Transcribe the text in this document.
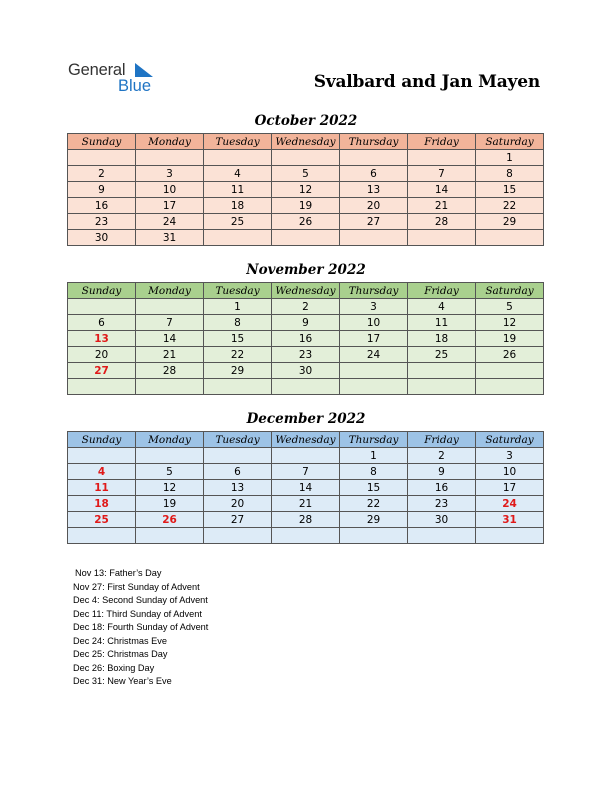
General
Blue	Svalbard and Jan Mayen
October 2022
Sunday	Monday	Tuesday	Wednesday	Thursday	Friday	Saturday
						1
2	3	4	5	6	7	8
9	10	11	12	13	14	15
16	17	18	19	20	21	22
23	24	25	26	27	28	29
30	31					
November 2022
Sunday	Monday	Tuesday	Wednesday	Thursday	Friday	Saturday
		1	2	3	4	5
6	7	8	9	10	11	12
13	14	15	16	17	18	19
20	21	22	23	24	25	26
27	28	29	30			

December 2022
Sunday	Monday	Tuesday	Wednesday	Thursday	Friday	Saturday
				1	2	3
4	5	6	7	8	9	10
11	12	13	14	15	16	17
18	19	20	21	22	23	24
25	26	27	28	29	30	31

Nov 13: Father’s Day
Nov 27: First Sunday of Advent
Dec 4: Second Sunday of Advent
Dec 11: Third Sunday of Advent
Dec 18: Fourth Sunday of Advent
Dec 24: Christmas Eve
Dec 25: Christmas Day
Dec 26: Boxing Day
Dec 31: New Year’s Eve
